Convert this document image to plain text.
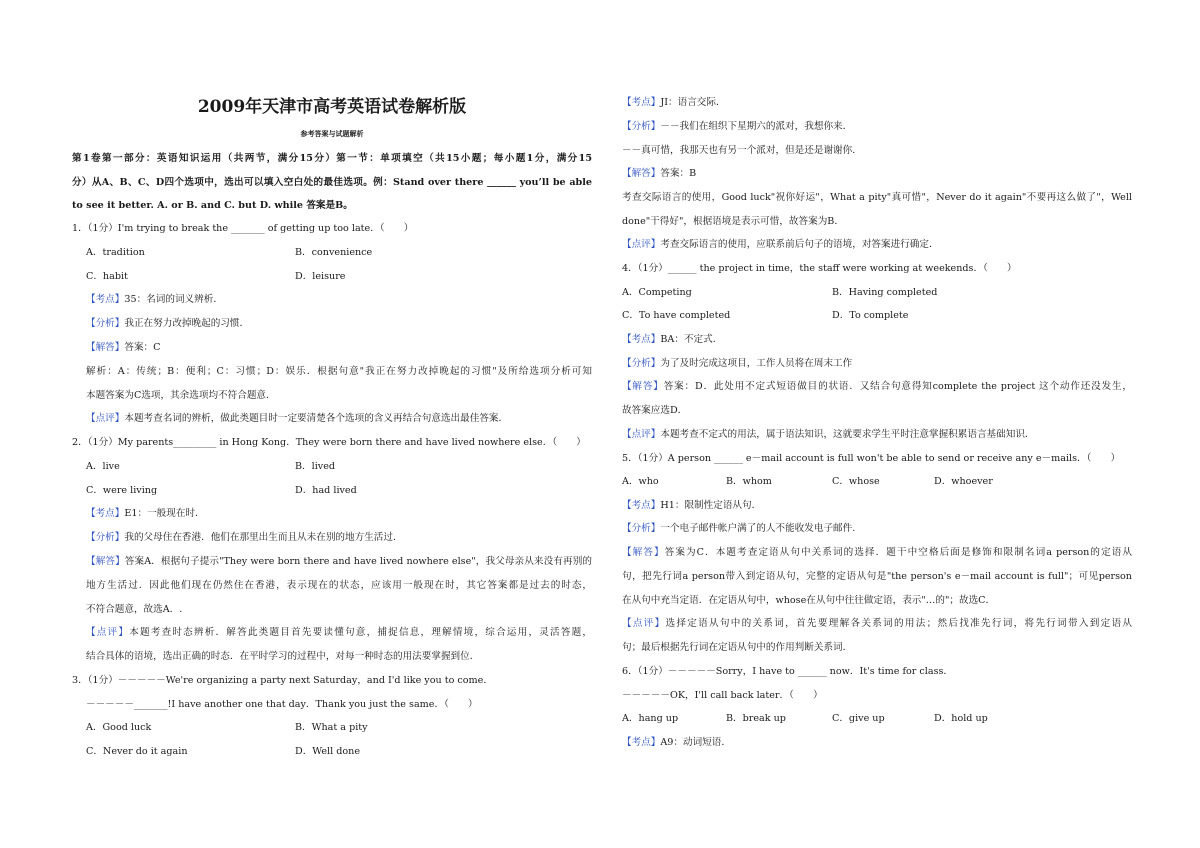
2009年天津市高考英语试卷解析版
参考答案与试题解析
第1卷第一部分：英语知识运用（共两节，满分15分）第一节：单项填空（共15小题；每小题1分，满分15
分）从A、B、C、D四个选项中，选出可以填入空白处的最佳选项。例：Stand over there ______ you’ll be able
to see it better. A. or B. and C. but D. while 答案是B。
1．（1分）I'm trying to break the _______ of getting up too late．（　　）
A．tradition	B．convenience
C．habit	D．leisure
【考点】35：名词的词义辨析．
【分析】我正在努力改掉晚起的习惯．
【解答】答案：C
解析：A：传统；B：便利；C：习惯；D：娱乐．根据句意"我正在努力改掉晚起的习惯"及所给选项分析可知
本题答案为C选项，其余选项均不符合题意．
【点评】本题考查名词的辨析，做此类题目时一定要清楚各个选项的含义再结合句意选出最佳答案．
2．（1分）My parents_________ in Hong Kong．They were born there and have lived nowhere else．（　　）
A．live	B．lived
C．were living	D．had lived
【考点】E1：一般现在时．
【分析】我的父母住在香港．他们在那里出生而且从未在别的地方生活过．
【解答】答案A．根据句子提示"They were born there and have lived nowhere else"，我父母亲从来没有再别的
地方生活过．因此他们现在仍然住在香港，表示现在的状态，应该用一般现在时，其它答案都是过去的时态，
不符合题意，故选A．.
【点评】本题考查时态辨析．解答此类题目首先要读懂句意，捕捉信息，理解情境，综合运用，灵活答题，
结合具体的语境，选出正确的时态．在平时学习的过程中，对每一种时态的用法要掌握到位．
3．（1分）－－－－－We're organizing a party next Saturday，and I'd like you to come．
－－－－－_______!I have another one that day．Thank you just the same．（　　）
A．Good luck	B．What a pity
C．Never do it again	D．Well done
【考点】JI：语言交际．
【分析】－－我们在组织下星期六的派对，我想你来．
－－真可惜，我那天也有另一个派对，但是还是谢谢你．
【解答】答案：B
考查交际语言的使用，Good luck"祝你好运"，What a pity"真可惜"，Never do it again"不要再这么做了"，Well
done"干得好"，根据语境是表示可惜，故答案为B．
【点评】考查交际语言的使用，应联系前后句子的语境，对答案进行确定．
4．（1分）______ the project in time，the staff were working at weekends．（　　）
A．Competing	B．Having completed
C．To have completed	D．To complete
【考点】BA：不定式．
【分析】为了及时完成这项目，工作人员将在周末工作
【解答】答案：D．此处用不定式短语做目的状语．又结合句意得知complete the project 这个动作还没发生，
故答案应选D．
【点评】本题考查不定式的用法，属于语法知识，这就要求学生平时注意掌握积累语言基础知识．
5．（1分）A person ______ e－mail account is full won't be able to send or receive any e－mails．（　　）
A．who	B．whom	C．whose	D．whoever
【考点】H1：限制性定语从句．
【分析】一个电子邮件帐户满了的人不能收发电子邮件．
【解答】答案为C．本题考查定语从句中关系词的选择．题干中空格后面是修饰和限制名词a person的定语从
句，把先行词a person带入到定语从句，完整的定语从句是"the person's e－mail account is full"；可见person
在从句中充当定语．在定语从句中，whose在从句中往往做定语，表示"…的"；故选C．
【点评】选择定语从句中的关系词，首先要理解各关系词的用法；然后找准先行词，将先行词带入到定语从
句；最后根据先行词在定语从句中的作用判断关系词．
6．（1分）－－－－－Sorry，I have to ______ now．It's time for class．
－－－－－OK，I'll call back later．（　　）
A．hang up	B．break up	C．give up	D．hold up
【考点】A9：动词短语．
